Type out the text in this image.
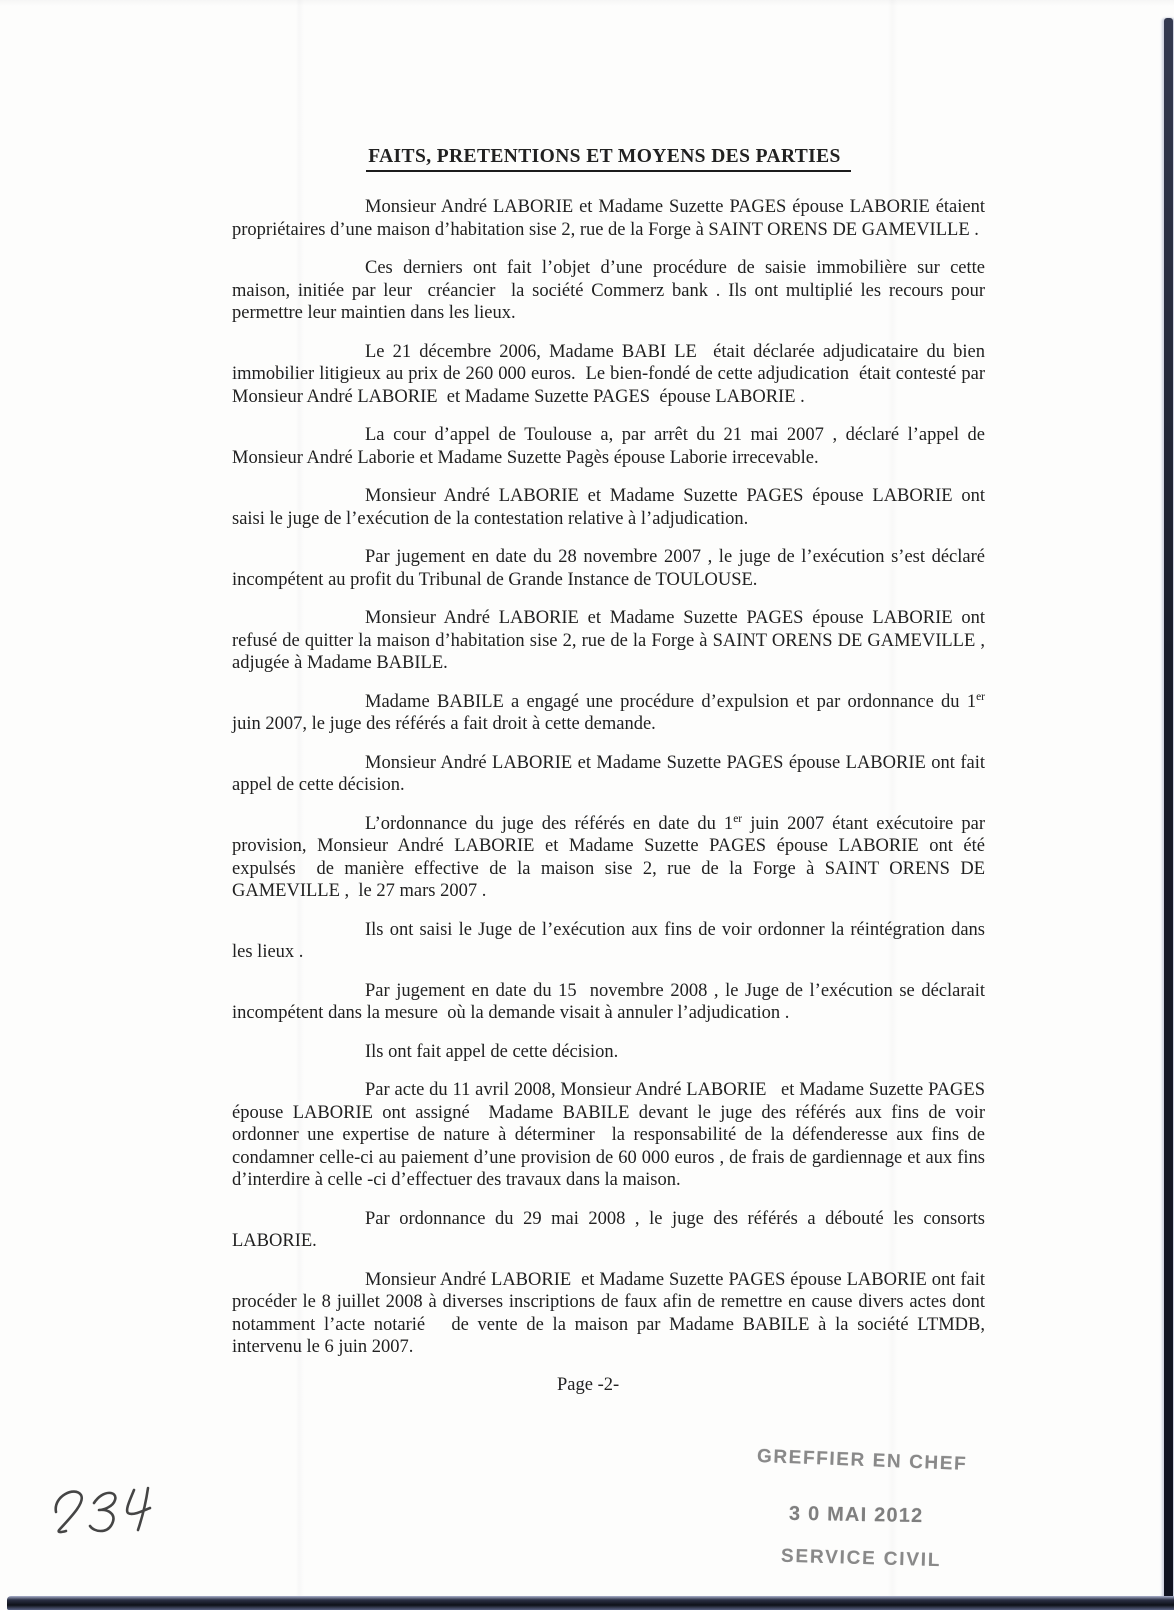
FAITS, PRETENTIONS ET MOYENS DES PARTIES

Monsieur André LABORIE et Madame Suzette PAGES épouse LABORIE étaient propriétaires d’une maison d’habitation sise 2, rue de la Forge à SAINT ORENS DE GAMEVILLE .

Ces derniers ont fait l’objet d’une procédure de saisie immobilière sur cette maison, initiée par leur  créancier  la société Commerz bank . Ils ont multiplié les recours pour permettre leur maintien dans les lieux.

Le 21 décembre 2006, Madame BABI LE  était déclarée adjudicataire du bien immobilier litigieux au prix de 260 000 euros.  Le bien-fondé de cette adjudication  était contesté par Monsieur André LABORIE  et Madame Suzette PAGES  épouse LABORIE .

La cour d’appel de Toulouse a, par arrêt du 21 mai 2007 , déclaré l’appel de Monsieur André Laborie et Madame Suzette Pagès épouse Laborie irrecevable.

Monsieur André LABORIE et Madame Suzette PAGES épouse LABORIE ont saisi le juge de l’exécution de la contestation relative à l’adjudication.

Par jugement en date du 28 novembre 2007 , le juge de l’exécution s’est déclaré incompétent au profit du Tribunal de Grande Instance de TOULOUSE.

Monsieur André LABORIE et Madame Suzette PAGES épouse LABORIE ont refusé de quitter la maison d’habitation sise 2, rue de la Forge à SAINT ORENS DE GAMEVILLE , adjugée à Madame BABILE.

Madame BABILE a engagé une procédure d’expulsion et par ordonnance du 1er juin 2007, le juge des référés a fait droit à cette demande.

Monsieur André LABORIE et Madame Suzette PAGES épouse LABORIE ont fait appel de cette décision.

L’ordonnance du juge des référés en date du 1er juin 2007 étant exécutoire par provision, Monsieur André LABORIE et Madame Suzette PAGES épouse LABORIE ont été expulsés  de manière effective de la maison sise 2, rue de la Forge à SAINT ORENS DE GAMEVILLE ,  le 27 mars 2007 .

Ils ont saisi le Juge de l’exécution aux fins de voir ordonner la réintégration dans les lieux .

Par jugement en date du 15  novembre 2008 , le Juge de l’exécution se déclarait incompétent dans la mesure  où la demande visait à annuler l’adjudication .

Ils ont fait appel de cette décision.

Par acte du 11 avril 2008, Monsieur André LABORIE   et Madame Suzette PAGES épouse LABORIE ont assigné  Madame BABILE devant le juge des référés aux fins de voir ordonner une expertise de nature à déterminer  la responsabilité de la défenderesse aux fins de condamner celle-ci au paiement d’une provision de 60 000 euros , de frais de gardiennage et aux fins d’interdire à celle -ci d’effectuer des travaux dans la maison.

Par ordonnance du 29 mai 2008 , le juge des référés a débouté les consorts LABORIE.

Monsieur André LABORIE  et Madame Suzette PAGES épouse LABORIE ont fait procéder le 8 juillet 2008 à diverses inscriptions de faux afin de remettre en cause divers actes dont notamment l’acte notarié   de vente de la maison par Madame BABILE à la société LTMDB, intervenu le 6 juin 2007.

Page -2-
GREFFIER EN CHEF
3 0 MAI 2012
SERVICE CIVIL
